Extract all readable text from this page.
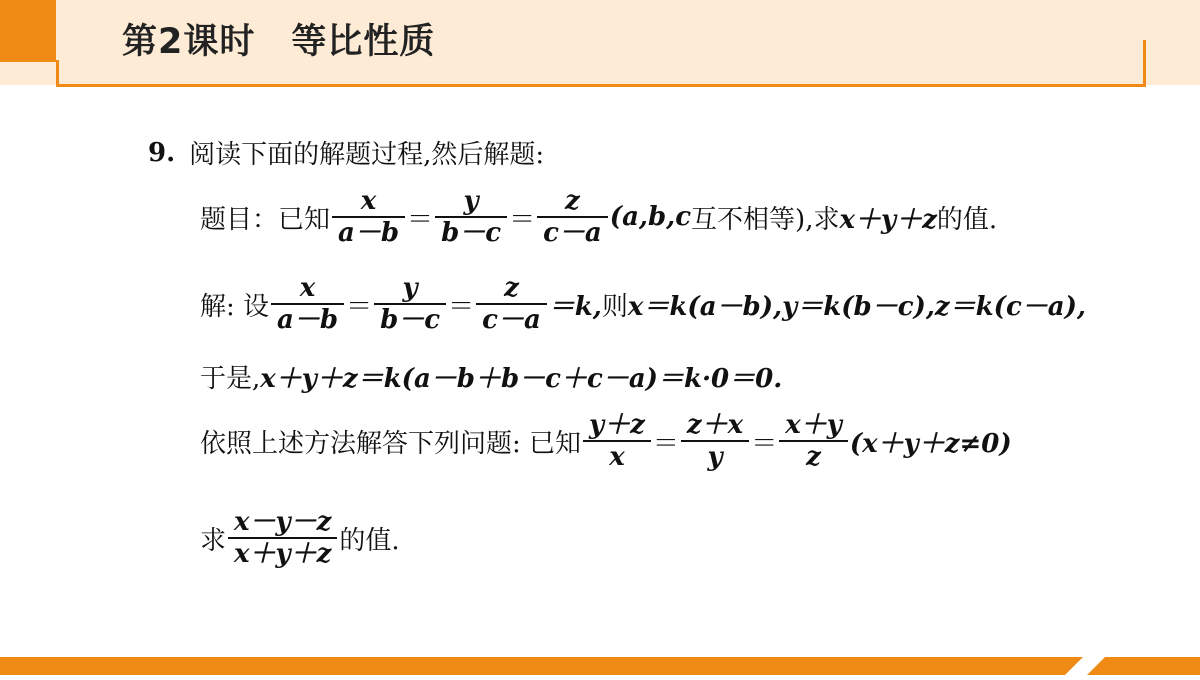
第2课时　等比性质
9. 阅读下面的解题过程,然后解题:
题目：已知 $\frac{x}{a-b} = \frac{y}{b-c} = \frac{z}{c-a} (a,b,c$ 互不相等),求 x＋y＋z 的值.
解: 设 $\frac{x}{a-b} = \frac{y}{b-c} = \frac{z}{c-a} =k$, 则 x＝k(a－b),y＝k(b－c),z＝k(c－a),
于是, x＋y＋z＝k(a－b＋b－c＋c－a)＝k·0＝0.
依照上述方法解答下列问题: 已知 $\frac{y+z}{x} = \frac{z+x}{y} = \frac{x+y}{z} (x+y+z\ne 0)$
求 $\frac{x-y-z}{x+y+z}$ 的值.
